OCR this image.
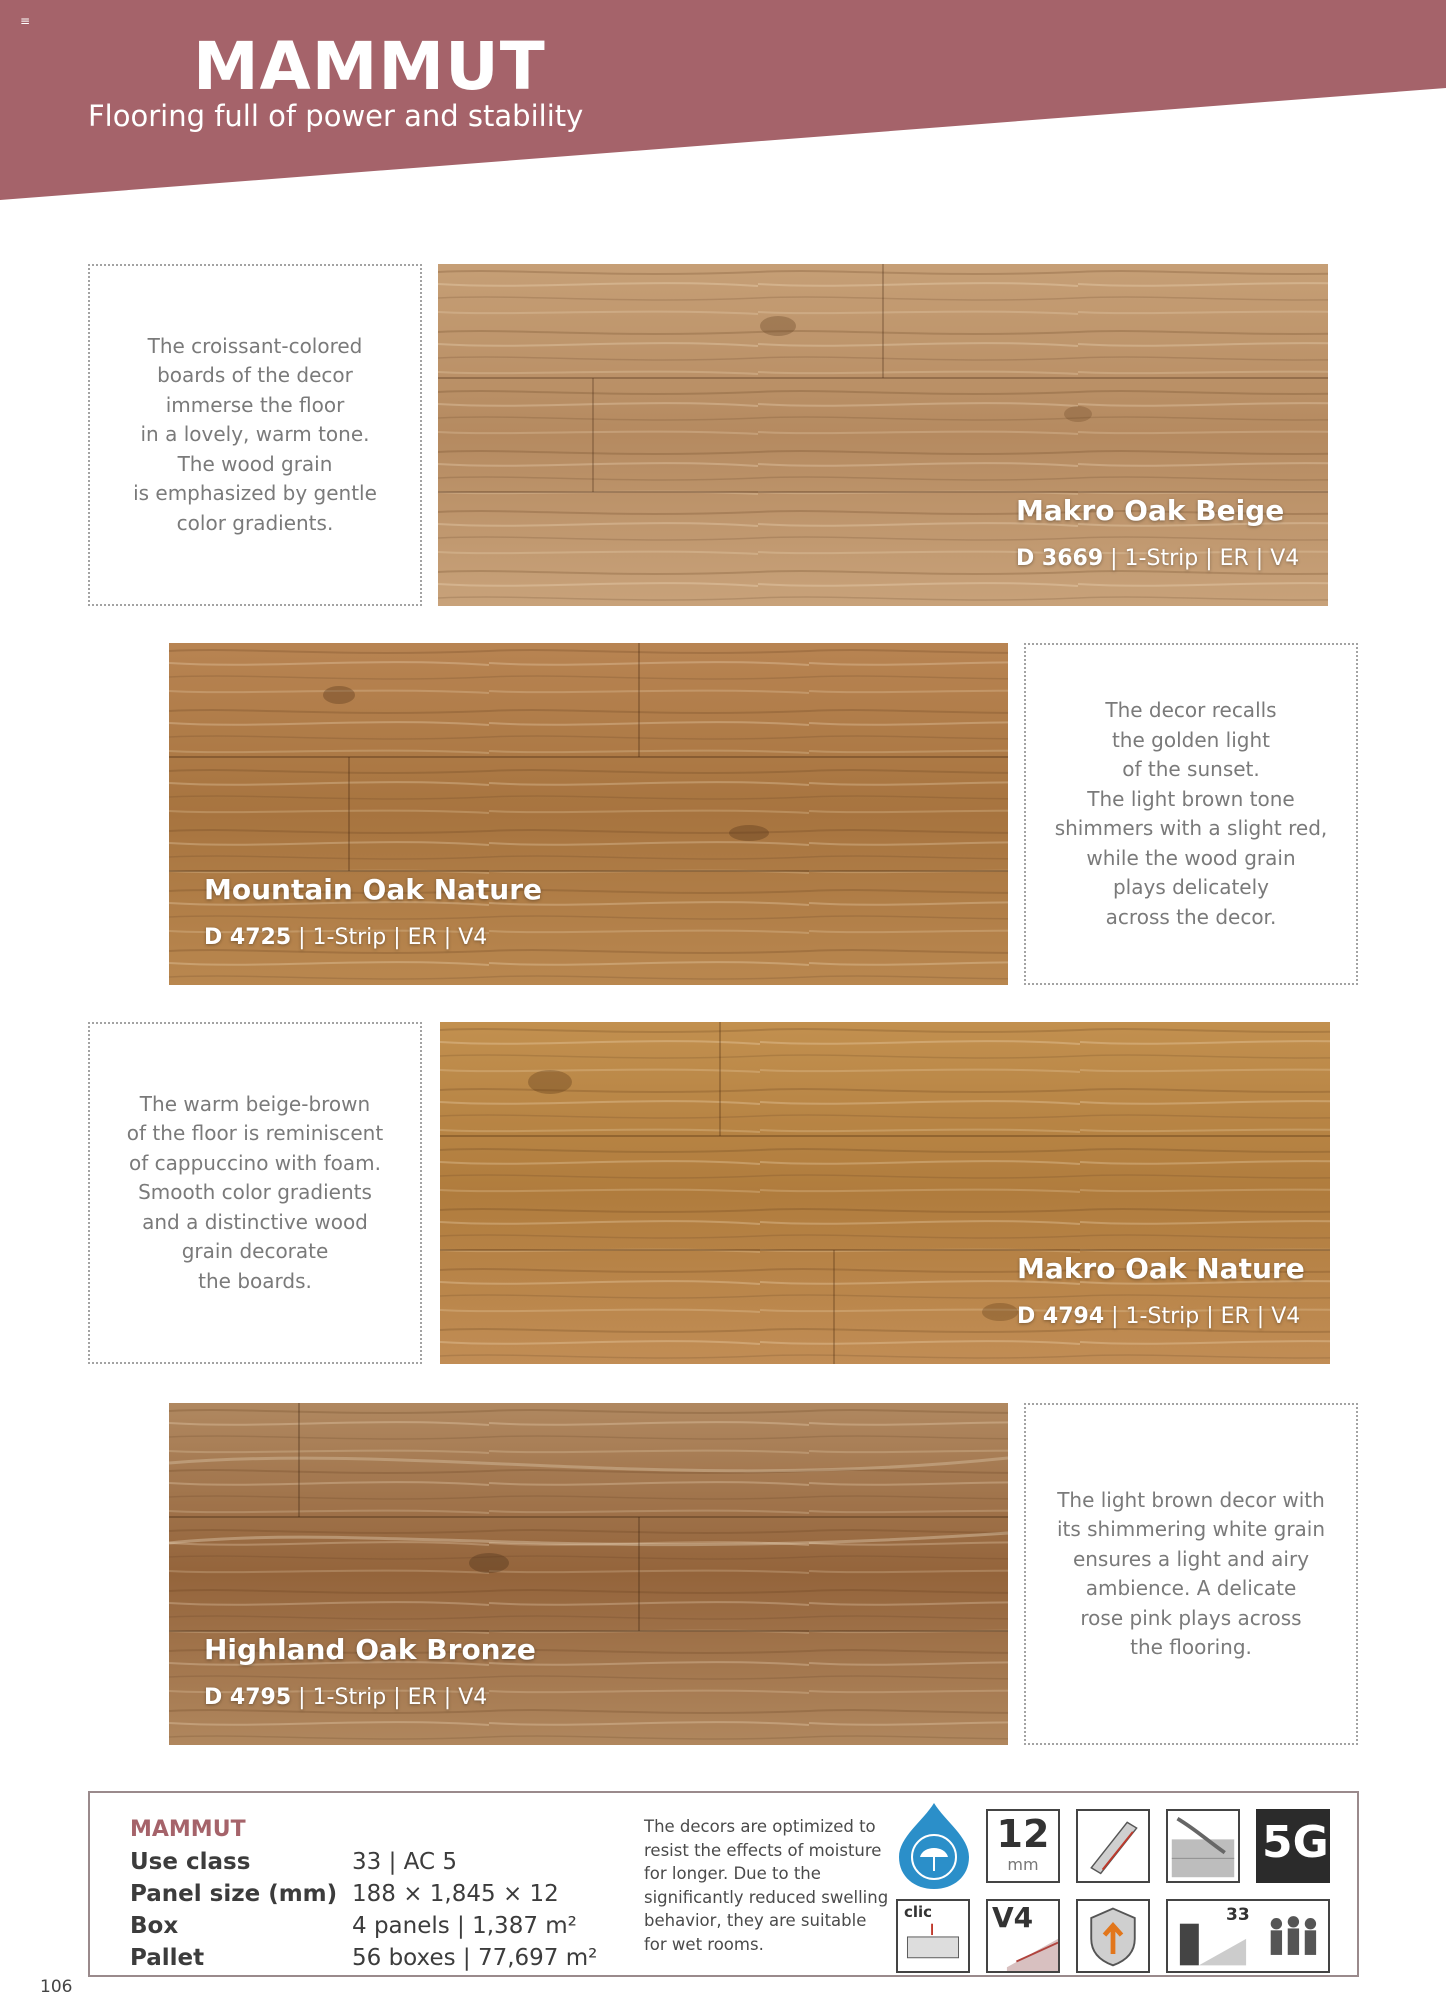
≡
MAMMUT
Flooring full of power and stability
The croissant-colored
boards of the decor
immerse the floor
in a lovely, warm tone.
The wood grain
is emphasized by gentle
color gradients.	Makro Oak Beige
D 3669 | 1-Strip | ER | V4
Mountain Oak Nature
D 4725 | 1-Strip | ER | V4
The decor recalls
the golden light
of the sunset.
The light brown tone
shimmers with a slight red,
while the wood grain
plays delicately
across the decor.
The warm beige-brown
of the floor is reminiscent
of cappuccino with foam.
Smooth color gradients
and a distinctive wood
grain decorate
the boards.	Makro Oak Nature
D 4794 | 1-Strip | ER | V4
Highland Oak Bronze
D 4795 | 1-Strip | ER | V4
The light brown decor with
its shimmering white grain
ensures a light and airy
ambience. A delicate
rose pink plays across
the flooring.
MAMMUT
Use class	33 | AC 5
Panel size (mm) 188 × 1,845 × 12
Box	4 panels | 1,387 m²
Pallet	56 boxes | 77,697 m²
The decors are optimized to resist the effects of moisture for longer. Due to the significantly reduced swelling behavior, they are suitable for wet rooms.
12
mm	5G
clic V4	33
106
